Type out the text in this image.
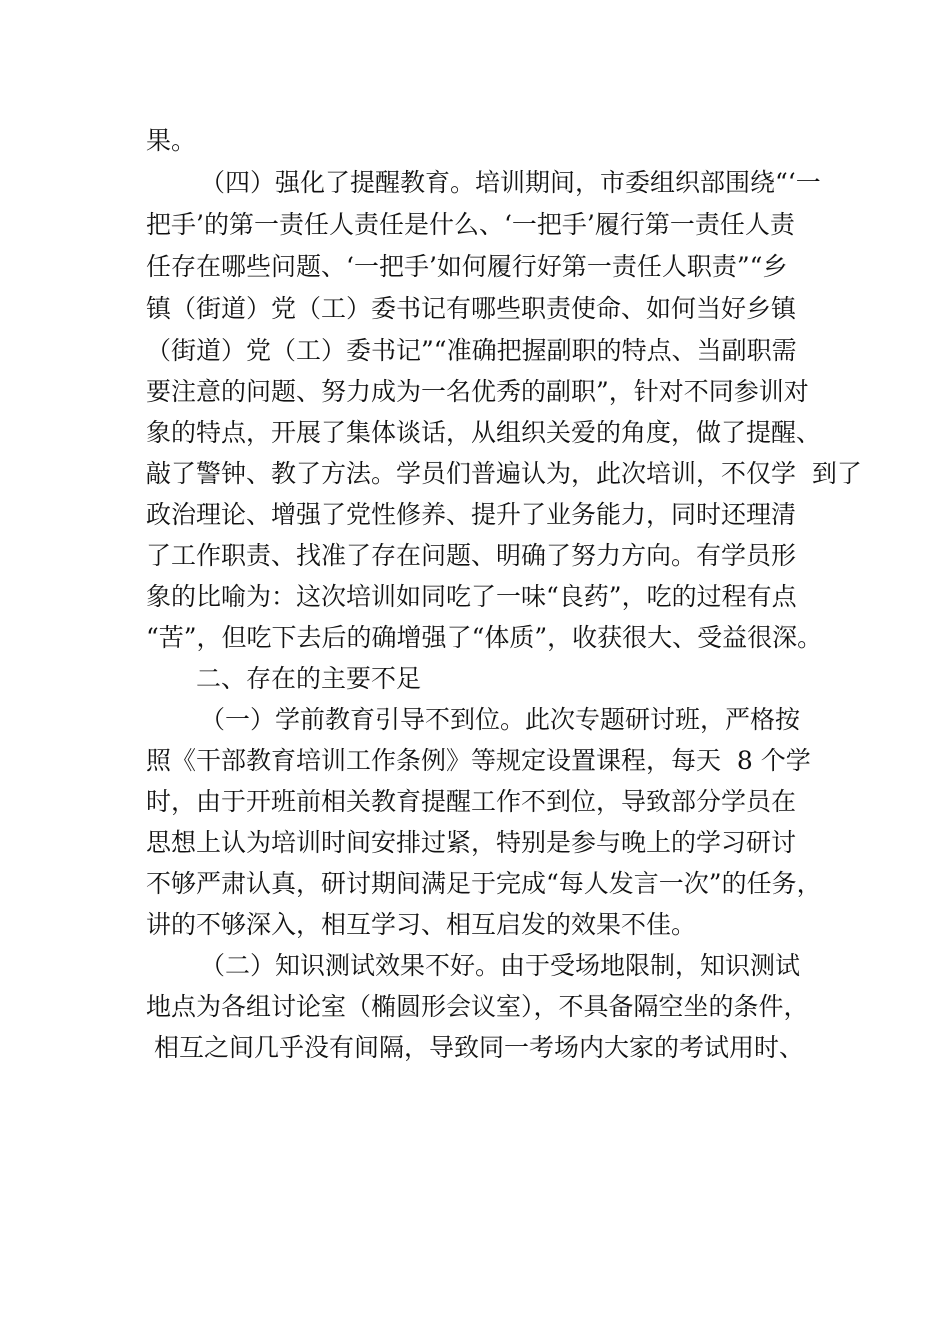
果。

（四）强化了提醒教育。培训期间，市委组织部围绕“‘一

把手’的第一责任人责任是什么、‘一把手’履行第一责任人责

任存在哪些问题、‘一把手’如何履行好第一责任人职责”“乡

镇（街道）党（工）委书记有哪些职责使命、如何当好乡镇

（街道）党（工）委书记”“准确把握副职的特点、当副职需

要注意的问题、努力成为一名优秀的副职”，针对不同参训对

象的特点，开展了集体谈话，从组织关爱的角度，做了提醒、

敲了警钟、教了方法。学员们普遍认为，此次培训，不仅学  到了

政治理论、增强了党性修养、提升了业务能力，同时还理清

了工作职责、找准了存在问题、明确了努力方向。有学员形

象的比喻为：这次培训如同吃了一味“良药”，吃的过程有点

“苦”，但吃下去后的确增强了“体质”，收获很大、受益很深。

二、存在的主要不足

（一）学前教育引导不到位。此次专题研讨班，严格按

照《干部教育培训工作条例》等规定设置课程，每天  8 个学

时，由于开班前相关教育提醒工作不到位，导致部分学员在

思想上认为培训时间安排过紧，特别是参与晚上的学习研讨

不够严肃认真，研讨期间满足于完成“每人发言一次”的任务，

讲的不够深入，相互学习、相互启发的效果不佳。

（二）知识测试效果不好。由于受场地限制，知识测试

地点为各组讨论室（椭圆形会议室），不具备隔空坐的条件，

相互之间几乎没有间隔，导致同一考场内大家的考试用时、
